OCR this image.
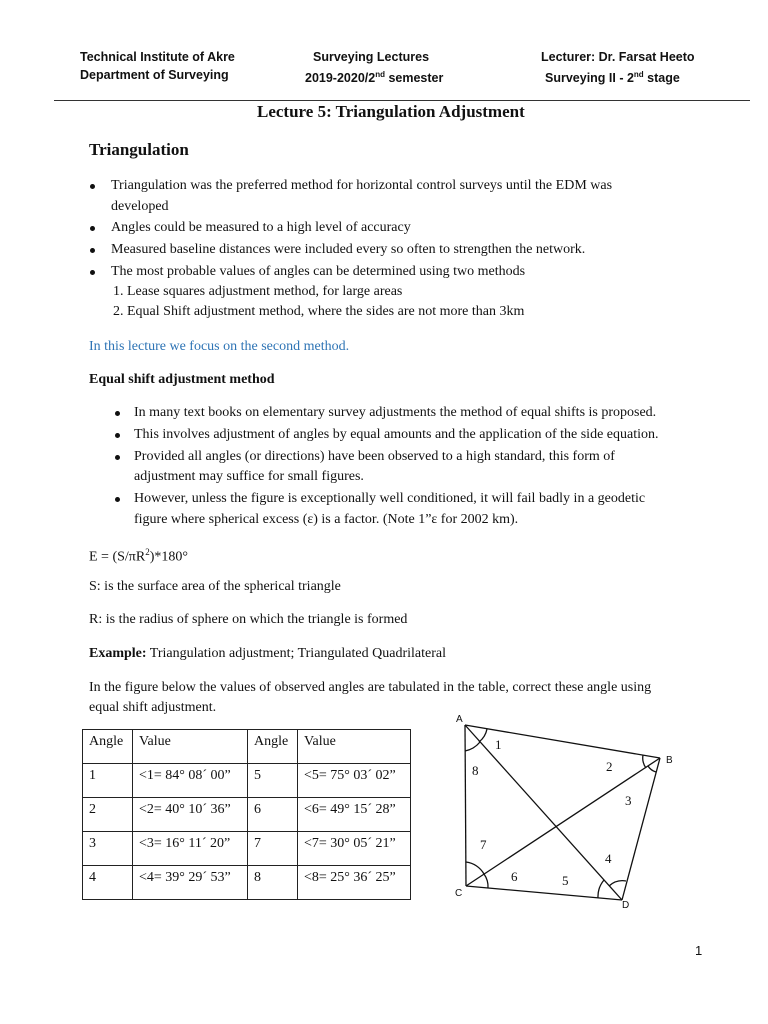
Technical Institute of Akre
Department of Surveying
Surveying Lectures
2019-2020/2nd semester
Lecturer: Dr. Farsat Heeto
Surveying II - 2nd stage
Lecture 5: Triangulation Adjustment
Triangulation
Triangulation was the preferred method for horizontal control surveys until the EDM was
developed
Angles could be measured to a high level of accuracy
Measured baseline distances were included every so often to strengthen the network.
The most probable values of angles can be determined using two methods
1. Lease squares adjustment method, for large areas
2. Equal Shift adjustment method, where the sides are not more than 3km
In this lecture we focus on the second method.
Equal shift adjustment method
In many text books on elementary survey adjustments the method of equal shifts is proposed.
This involves adjustment of angles by equal amounts and the application of the side equation.
Provided all angles (or directions) have been observed to a high standard, this form of
adjustment may suffice for small figures.
However, unless the figure is exceptionally well conditioned, it will fail badly in a geodetic
figure where spherical excess (ε) is a factor. (Note 1”ε for 2002 km).
$E = (S/\pi R^2)*180^\circ$
S: is the surface area of the spherical triangle
R: is the radius of sphere on which the triangle is formed
Example: Triangulation adjustment; Triangulated Quadrilateral
In the figure below the values of observed angles are tabulated in the table, correct these angle using
equal shift adjustment.
Angle	Value	Angle	Value
1	<1= 84° 08´ 00”	5	<5= 75° 03´ 02”
2	<2= 40° 10´ 36”	6	<6= 49° 15´ 28”
3	<3= 16° 11´ 20”	7	<7= 30° 05´ 21”
4	<4= 39° 29´ 53”	8	<8= 25° 36´ 25”
A
B
C
D
1
2
3
4
5
6
7
8
1
